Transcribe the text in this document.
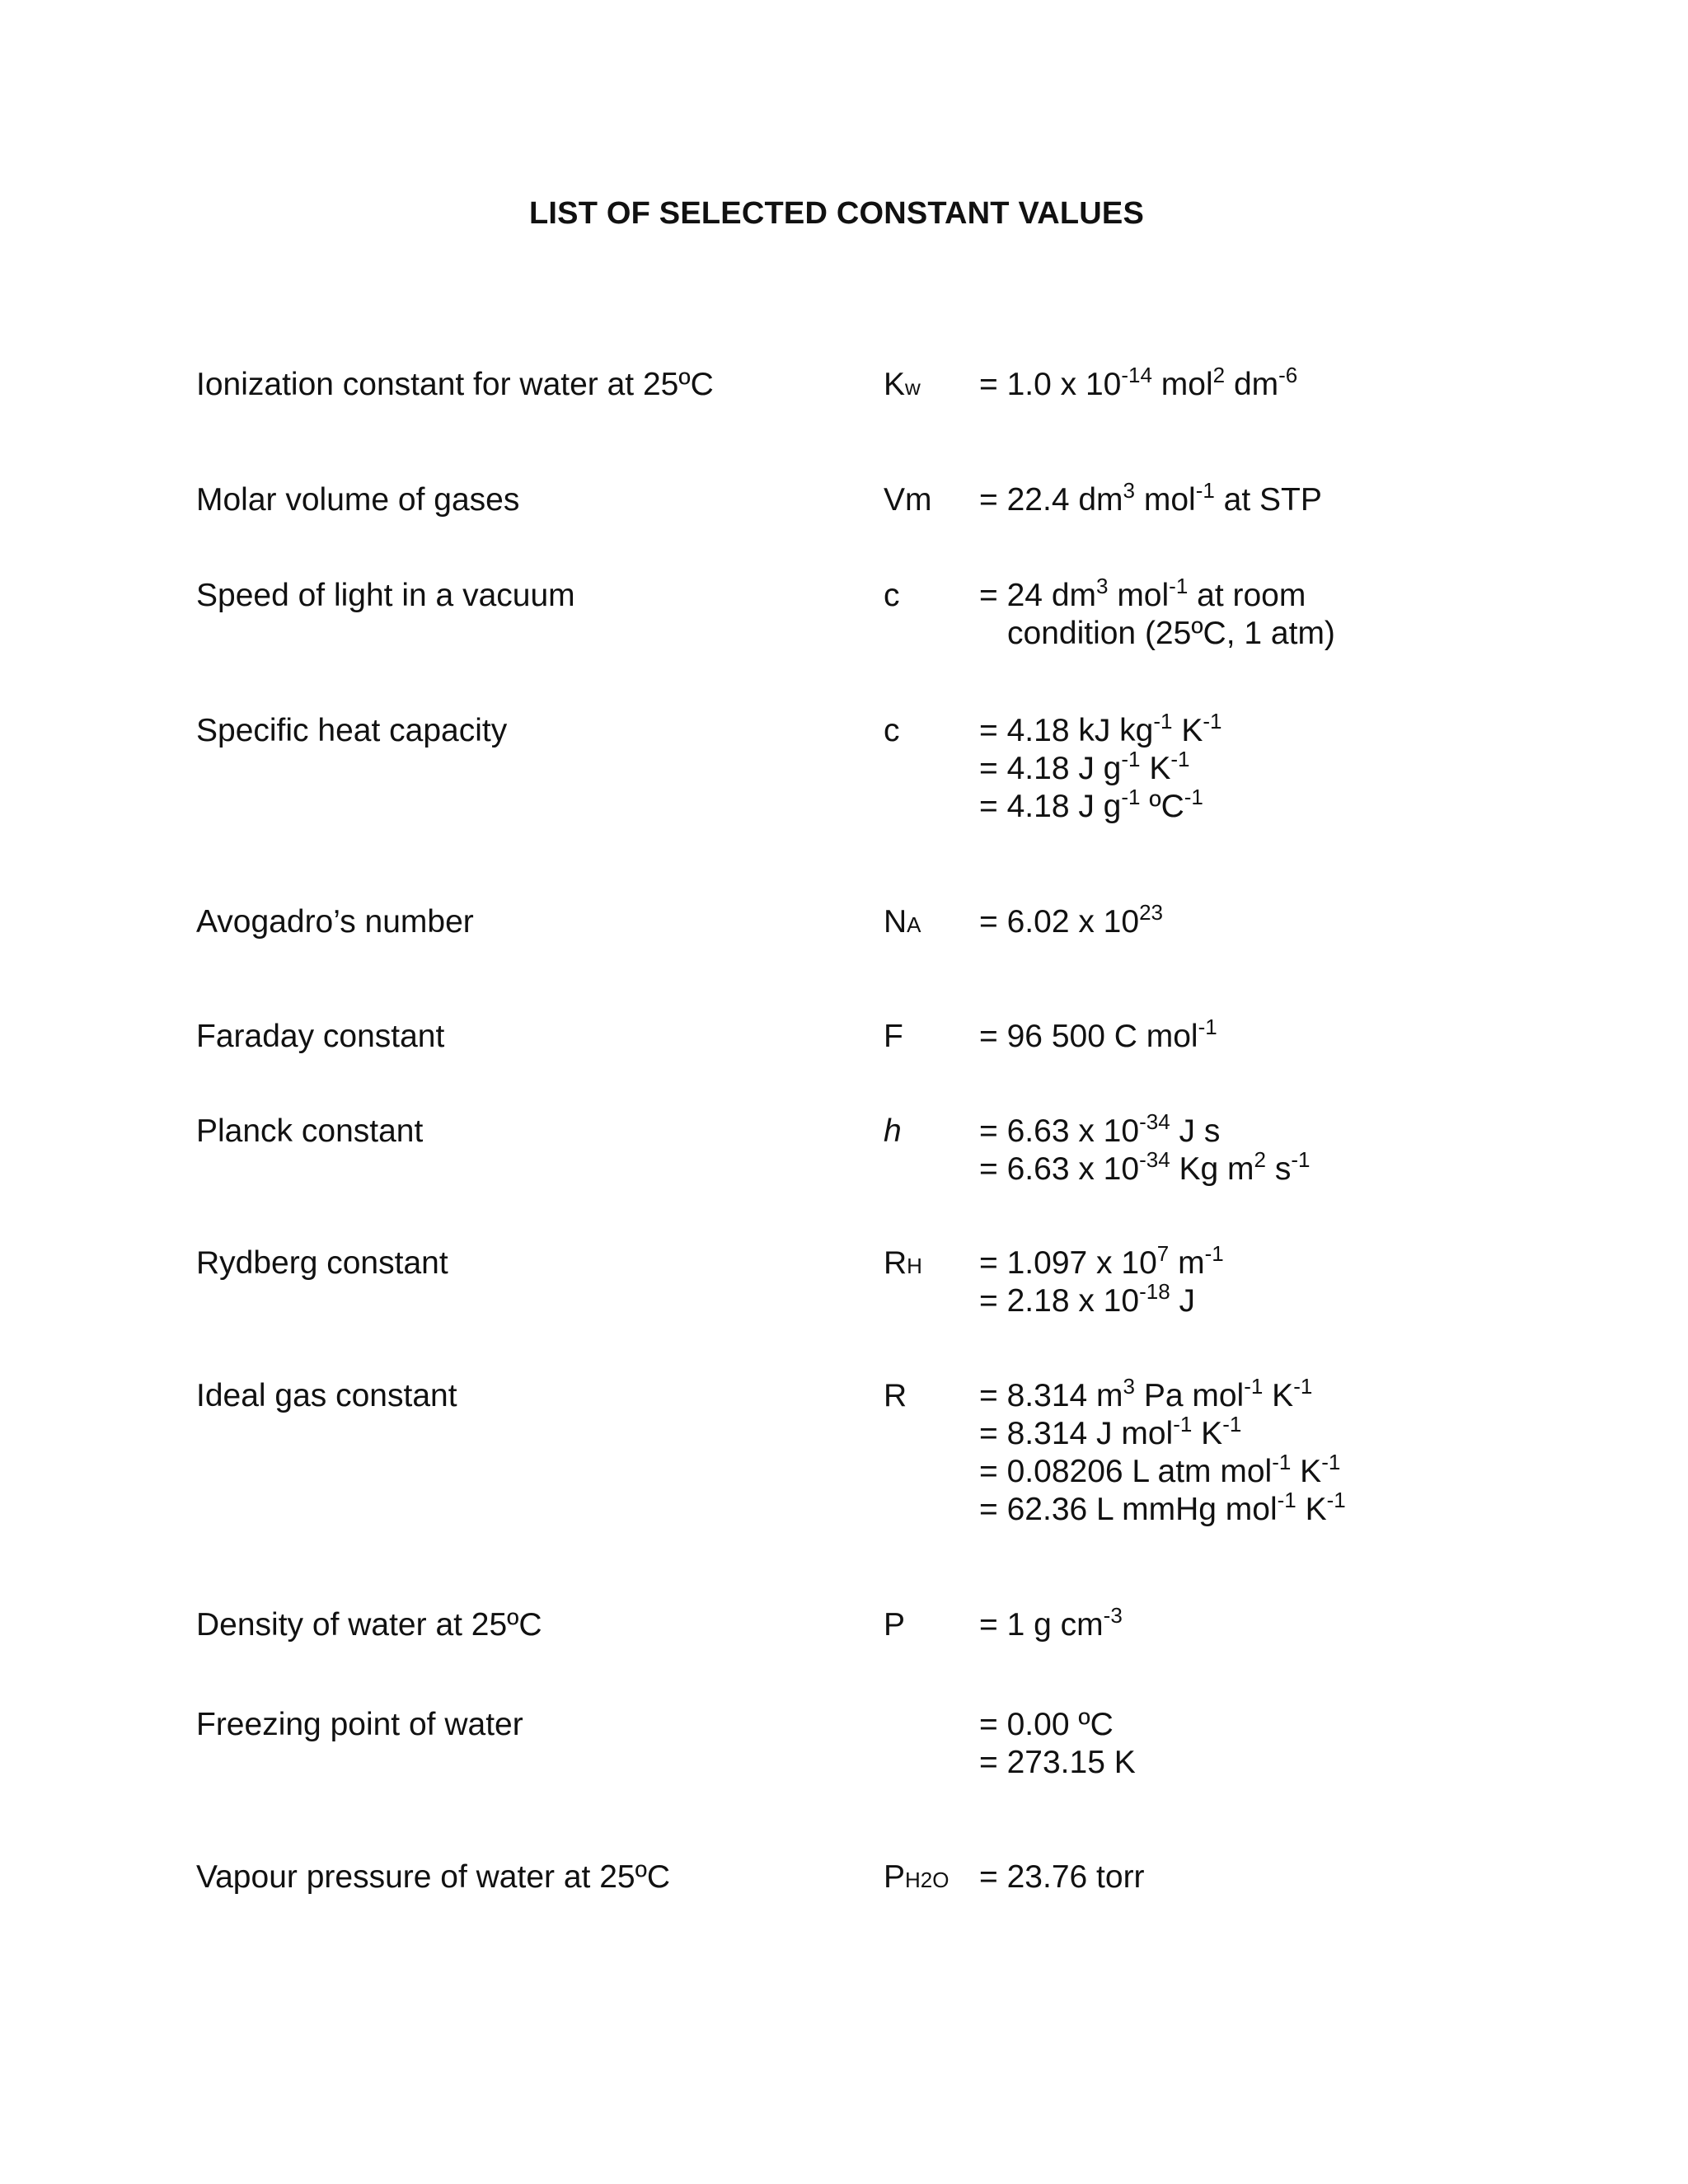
LIST OF SELECTED CONSTANT VALUES
Ionization constant for water at 25ºC	Kw = 1.0 x $10^{-14}$ mol$^2$ $dm^{-6}$
Molar volume of gases	Vm = 22.4 $dm^3$ mol$^{-1}$ at STP
Speed of light in a vacuum	c = 24 $dm^3$ mol$^{-1}$ at room
condition (25ºC, 1 atm)
Specific heat capacity	c = 4.18 kJ $kg^{-1}$ $K^{-1}$
= 4.18 J $g^{-1}$ $K^{-1}$
= 4.18 J $g^{-1}$ ºC$^{-1}$
Avogadro’s number	NA = 6.02 x $10^{23}$
Faraday constant	F = 96 500 C mol$^{-1}$
Planck constant	h = 6.63 x $10^{-34}$ J s
= 6.63 x $10^{-34}$ Kg $m^2$ $s^{-1}$
Rydberg constant	RH = 1.097 x $10^7$ $m^{-1}$
= 2.18 x $10^{-18}$ J
Ideal gas constant	R = 8.314 $m^3$ Pa mol$^{-1}$ $K^{-1}$
= 8.314 J mol$^{-1}$ $K^{-1}$
= 0.08206 L atm mol$^{-1}$ $K^{-1}$
= 62.36 L mmHg mol$^{-1}$ $K^{-1}$
Density of water at 25ºC	P = 1 g $cm^{-3}$
Freezing point of water	= 0.00 ºC
= 273.15 K
Vapour pressure of water at 25ºC	PH2O = 23.76 torr
